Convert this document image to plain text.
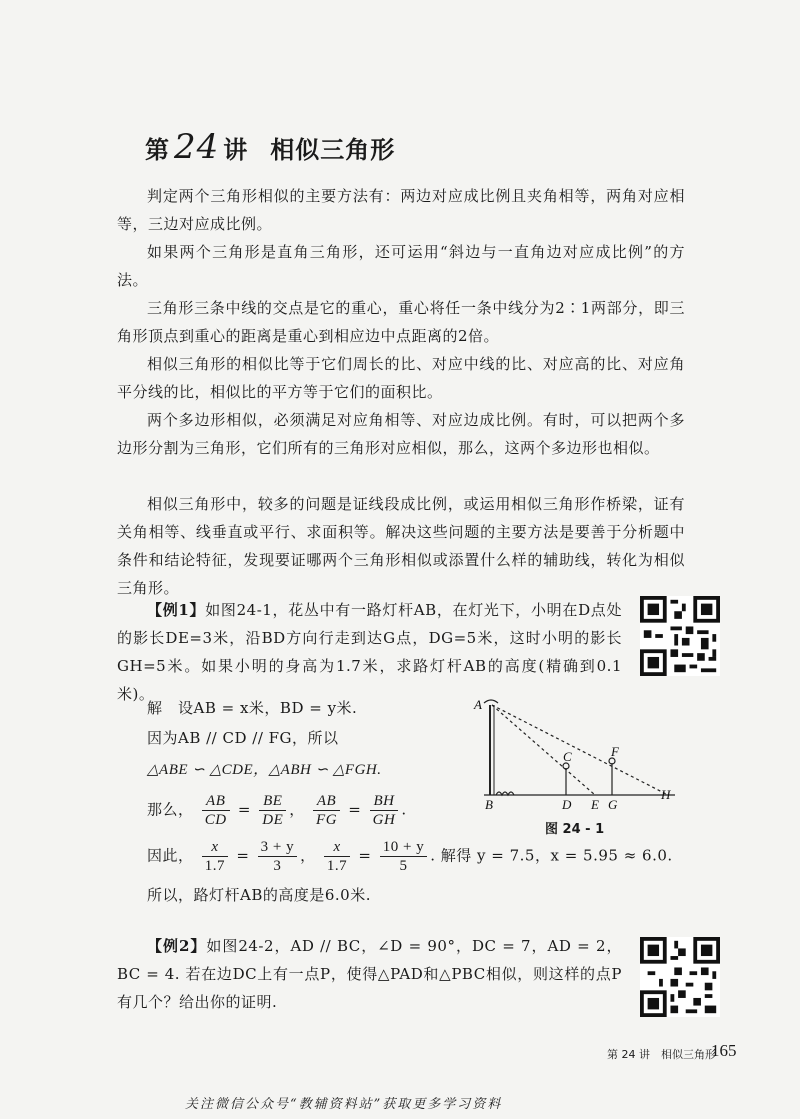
第 24 讲 相似三角形

判定两个三角形相似的主要方法有：两边对应成比例且夹角相等，两角对应相等，三边对应成比例。

如果两个三角形是直角三角形，还可运用“斜边与一直角边对应成比例”的方法。

三角形三条中线的交点是它的重心，重心将任一条中线分为2∶1两部分，即三角形顶点到重心的距离是重心到相应边中点距离的2倍。

相似三角形的相似比等于它们周长的比、对应中线的比、对应高的比、对应角平分线的比，相似比的平方等于它们的面积比。

两个多边形相似，必须满足对应角相等、对应边成比例。有时，可以把两个多边形分割为三角形，它们所有的三角形对应相似，那么，这两个多边形也相似。

相似三角形中，较多的问题是证线段成比例，或运用相似三角形作桥梁，证有关角相等、线垂直或平行、求面积等。解决这些问题的主要方法是要善于分析题中条件和结论特征，发现要证哪两个三角形相似或添置什么样的辅助线，转化为相似三角形。

【例1】如图24-1，花丛中有一路灯杆AB，在灯光下，小明在D点处的影长DE=3米，沿BD方向行走到达G点，DG=5米，这时小明的影长GH=5米。如果小明的身高为1.7米，求路灯杆AB的高度(精确到0.1米)。
解　设AB = x米，BD = y米.
因为AB // CD // FG，所以
△ABE ∽ △CDE，△ABH ∽ △FGH.
那么， $\frac{AB}{CD} = \frac{BE}{DE}$ ， $\frac{AB}{FG} = \frac{BH}{GH}$ .
因此， $\frac{x}{1.7} = \frac{3 + y}{3}$ ， $\frac{x}{1.7} = \frac{10 + y}{5}$ . 解得 y = 7.5，x = 5.95 ≈ 6.0.
所以，路灯杆AB的高度是6.0米.
A
B
C
D E
F
G
H
图 24 - 1
【例2】如图24-2，AD // BC，∠D = 90°，DC = 7，AD = 2，BC = 4. 若在边DC上有一点P，使得△PAD和△PBC相似，则这样的点P有几个？给出你的证明.
第 24 讲　相似三角形
165
关注微信公众号“教辅资料站”获取更多学习资料
